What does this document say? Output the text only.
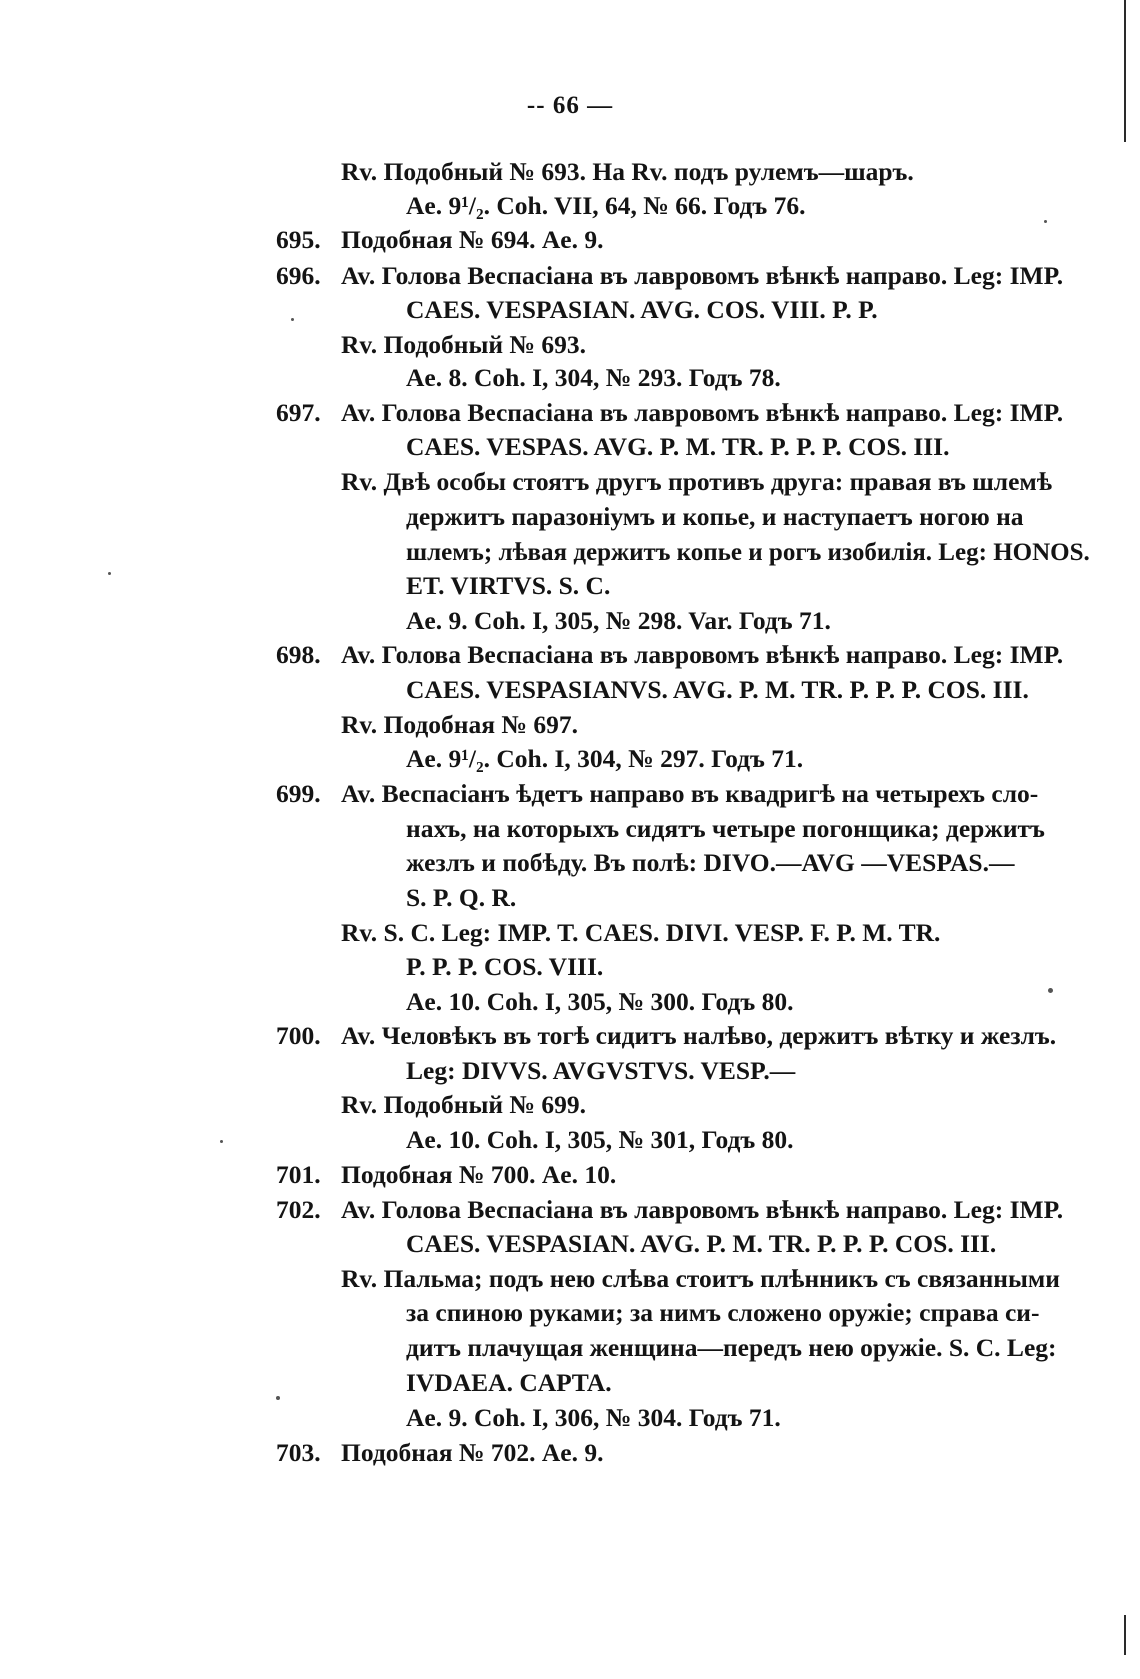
-- 66 —
Rv. Подобный № 693. На Rv. подъ рулемъ—шаръ.
Ae. 9¹/₂. Coh. VII, 64, № 66. Годъ 76.
695. Подобная № 694. Ae. 9.
696. Av. Голова Веспасіана въ лавровомъ вѣнкѣ направо. Leg: IMP.
CAES. VESPASIAN. AVG. COS. VIII. P. P.
Rv. Подобный № 693.
Ae. 8. Coh. I, 304, № 293. Годъ 78.
697. Av. Голова Веспасіана въ лавровомъ вѣнкѣ направо. Leg: IMP.
CAES. VESPAS. AVG. P. M. TR. P. P. P. COS. III.
Rv. Двѣ особы стоятъ другъ противъ друга: правая въ шлемѣ
держитъ паразоніумъ и копье, и наступаетъ ногою на
шлемъ; лѣвая держитъ копье и рогъ изобилія. Leg: HONOS.
ET. VIRTVS. S. C.
Ae. 9. Coh. I, 305, № 298. Var. Годъ 71.
698. Av. Голова Веспасіана въ лавровомъ вѣнкѣ направо. Leg: IMP.
CAES. VESPASIANVS. AVG. P. M. TR. P. P. P. COS. III.
Rv. Подобная № 697.
Ae. 9¹/₂. Coh. I, 304, № 297. Годъ 71.
699. Av. Веспасіанъ ѣдетъ направо въ квадригѣ на четырехъ сло-
нахъ, на которыхъ сидятъ четыре погонщика; держитъ
жезлъ и побѣду. Въ полѣ: DIVO.—AVG —VESPAS.—
S. P. Q. R.
Rv. S. C. Leg: IMP. T. CAES. DIVI. VESP. F. P. M. TR.
P. P. P. COS. VIII.
Ae. 10. Coh. I, 305, № 300. Годъ 80.
700. Av. Человѣкъ въ тогѣ сидитъ налѣво, держитъ вѣтку и жезлъ.
Leg: DIVVS. AVGVSTVS. VESP.—
Rv. Подобный № 699.
Ae. 10. Coh. I, 305, № 301, Годъ 80.
701. Подобная № 700. Ae. 10.
702. Av. Голова Веспасіана въ лавровомъ вѣнкѣ направо. Leg: IMP.
CAES. VESPASIAN. AVG. P. M. TR. P. P. P. COS. III.
Rv. Пальма; подъ нею слѣва стоитъ плѣнникъ съ связанными
за спиною руками; за нимъ сложено оружіе; справа си-
дитъ плачущая женщина—передъ нею оружіе. S. C. Leg:
IVDAEA. CAPTA.
Ae. 9. Coh. I, 306, № 304. Годъ 71.
703. Подобная № 702. Ae. 9.
